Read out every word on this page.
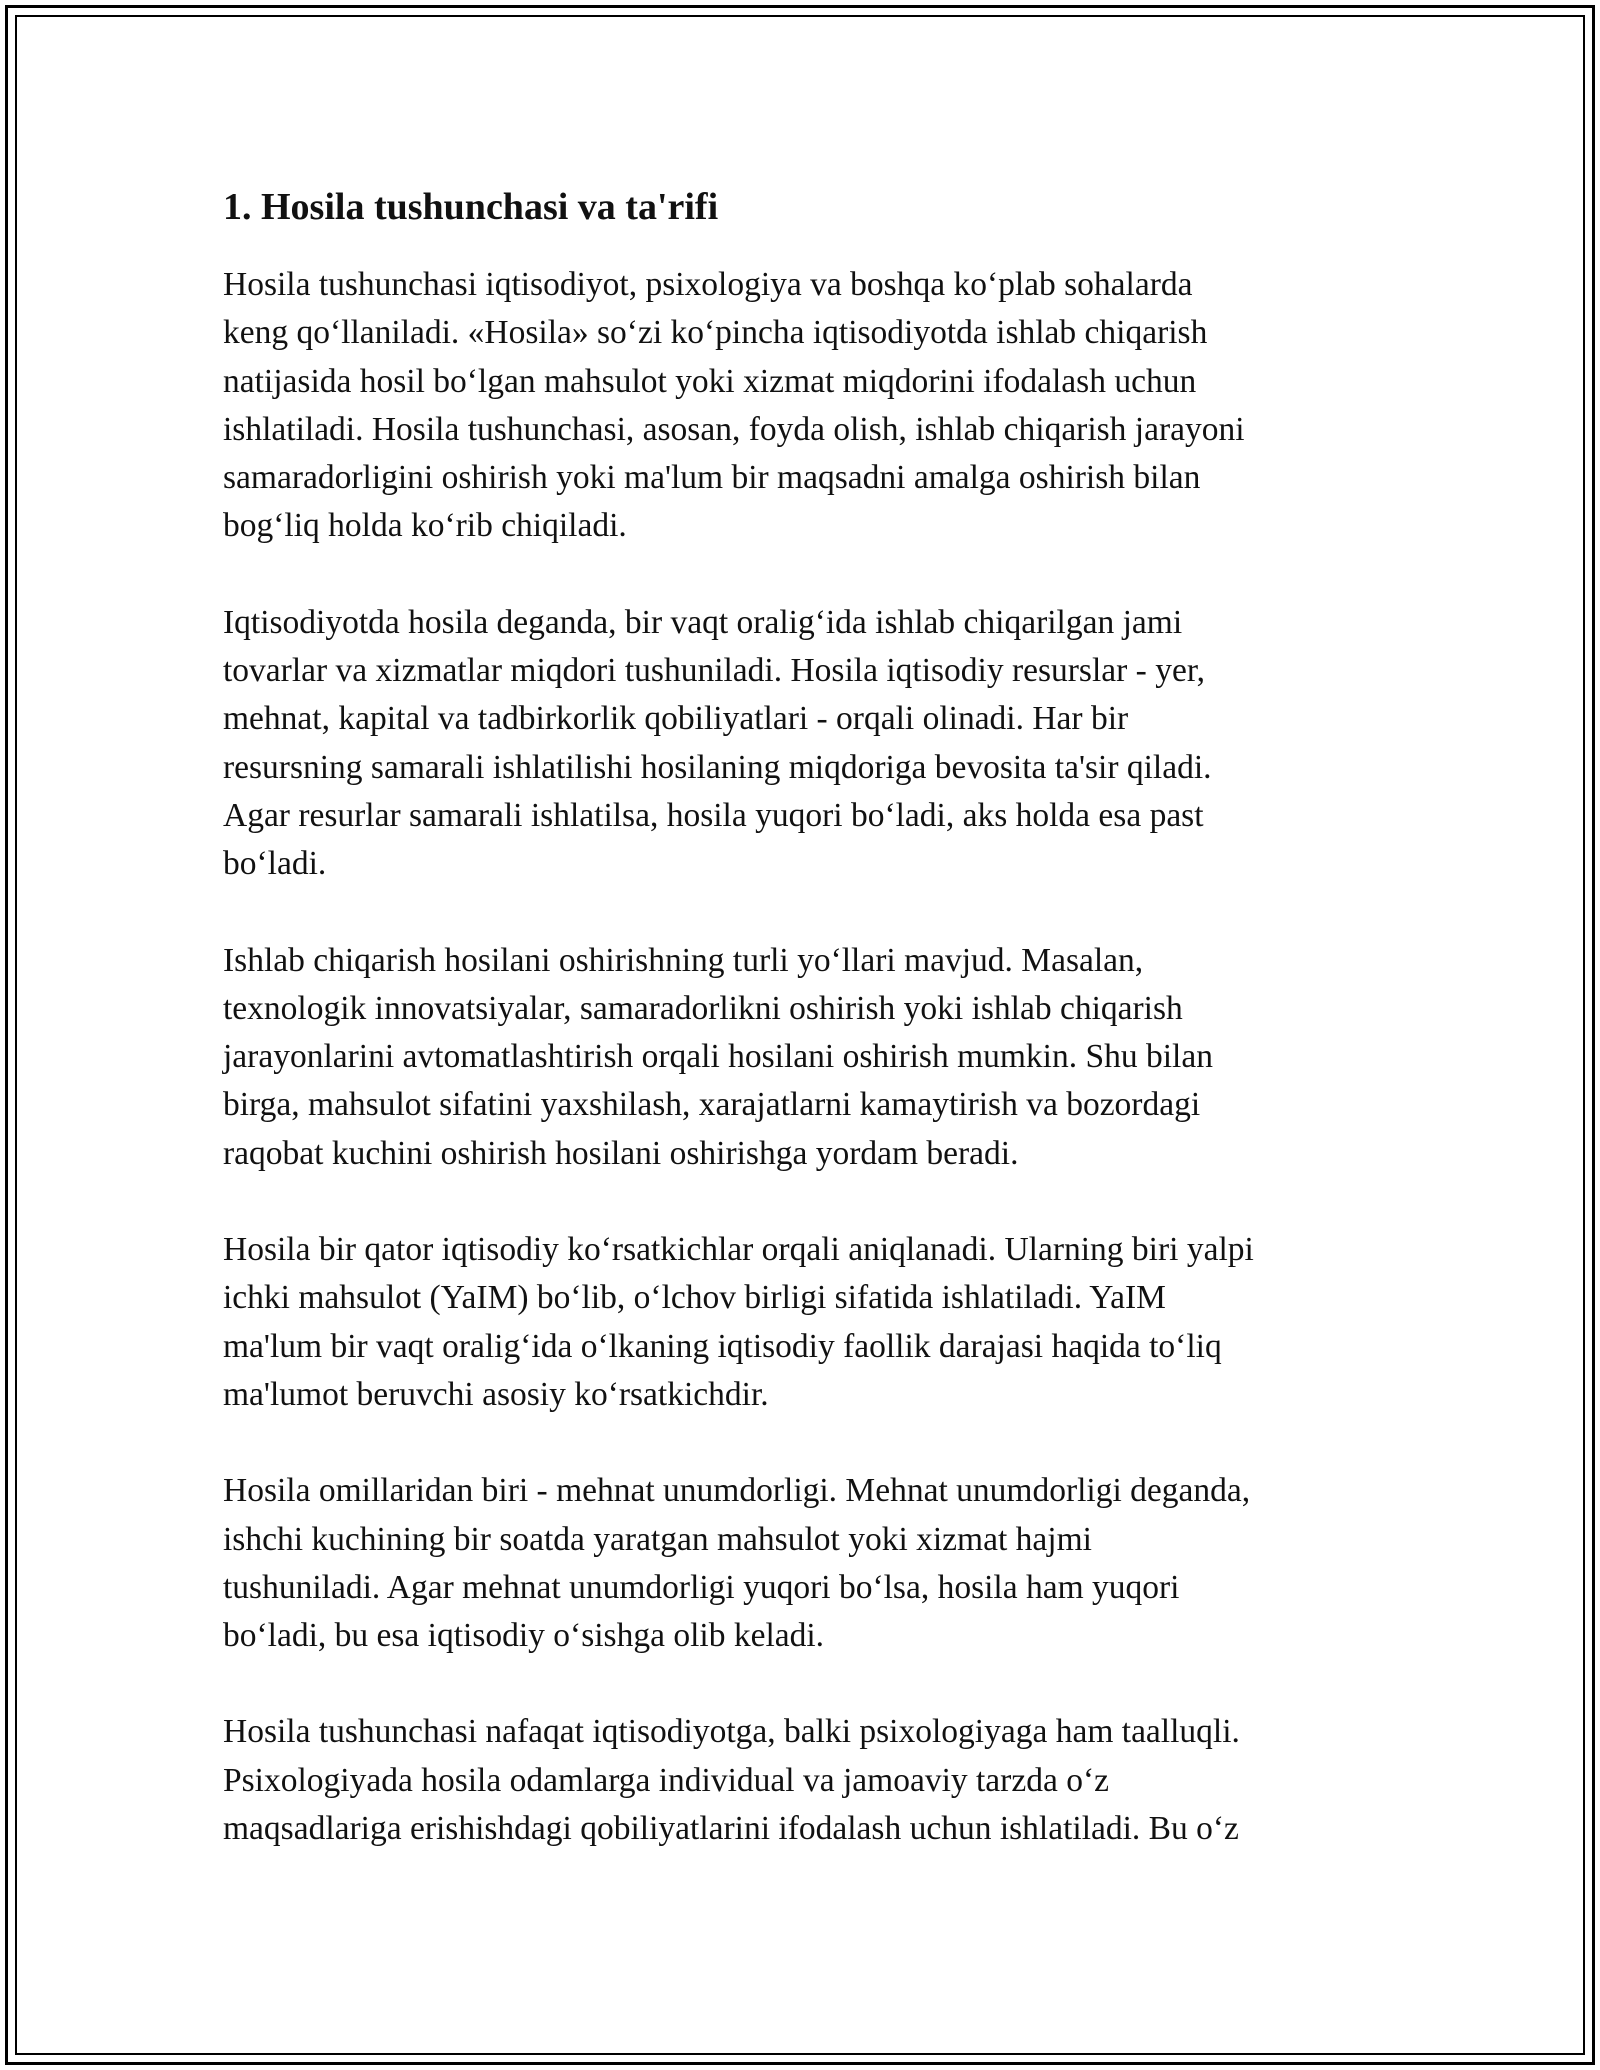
1. Hosila tushunchasi va ta'rifi
Hosila tushunchasi iqtisodiyot, psixologiya va boshqa koʻplab sohalarda
keng qoʻllaniladi. «Hosila» soʻzi koʻpincha iqtisodiyotda ishlab chiqarish
natijasida hosil boʻlgan mahsulot yoki xizmat miqdorini ifodalash uchun
ishlatiladi. Hosila tushunchasi, asosan, foyda olish, ishlab chiqarish jarayoni
samaradorligini oshirish yoki ma'lum bir maqsadni amalga oshirish bilan
bogʻliq holda koʻrib chiqiladi.
Iqtisodiyotda hosila deganda, bir vaqt oraligʻida ishlab chiqarilgan jami
tovarlar va xizmatlar miqdori tushuniladi. Hosila iqtisodiy resurslar - yer,
mehnat, kapital va tadbirkorlik qobiliyatlari - orqali olinadi. Har bir
resursning samarali ishlatilishi hosilaning miqdoriga bevosita ta'sir qiladi.
Agar resurlar samarali ishlatilsa, hosila yuqori boʻladi, aks holda esa past
boʻladi.
Ishlab chiqarish hosilani oshirishning turli yoʻllari mavjud. Masalan,
texnologik innovatsiyalar, samaradorlikni oshirish yoki ishlab chiqarish
jarayonlarini avtomatlashtirish orqali hosilani oshirish mumkin. Shu bilan
birga, mahsulot sifatini yaxshilash, xarajatlarni kamaytirish va bozordagi
raqobat kuchini oshirish hosilani oshirishga yordam beradi.
Hosila bir qator iqtisodiy koʻrsatkichlar orqali aniqlanadi. Ularning biri yalpi
ichki mahsulot (YaIM) boʻlib, oʻlchov birligi sifatida ishlatiladi. YaIM
ma'lum bir vaqt oraligʻida oʻlkaning iqtisodiy faollik darajasi haqida toʻliq
ma'lumot beruvchi asosiy koʻrsatkichdir.
Hosila omillaridan biri - mehnat unumdorligi. Mehnat unumdorligi deganda,
ishchi kuchining bir soatda yaratgan mahsulot yoki xizmat hajmi
tushuniladi. Agar mehnat unumdorligi yuqori boʻlsa, hosila ham yuqori
boʻladi, bu esa iqtisodiy oʻsishga olib keladi.
Hosila tushunchasi nafaqat iqtisodiyotga, balki psixologiyaga ham taalluqli.
Psixologiyada hosila odamlarga individual va jamoaviy tarzda oʻz
maqsadlariga erishishdagi qobiliyatlarini ifodalash uchun ishlatiladi. Bu oʻz
